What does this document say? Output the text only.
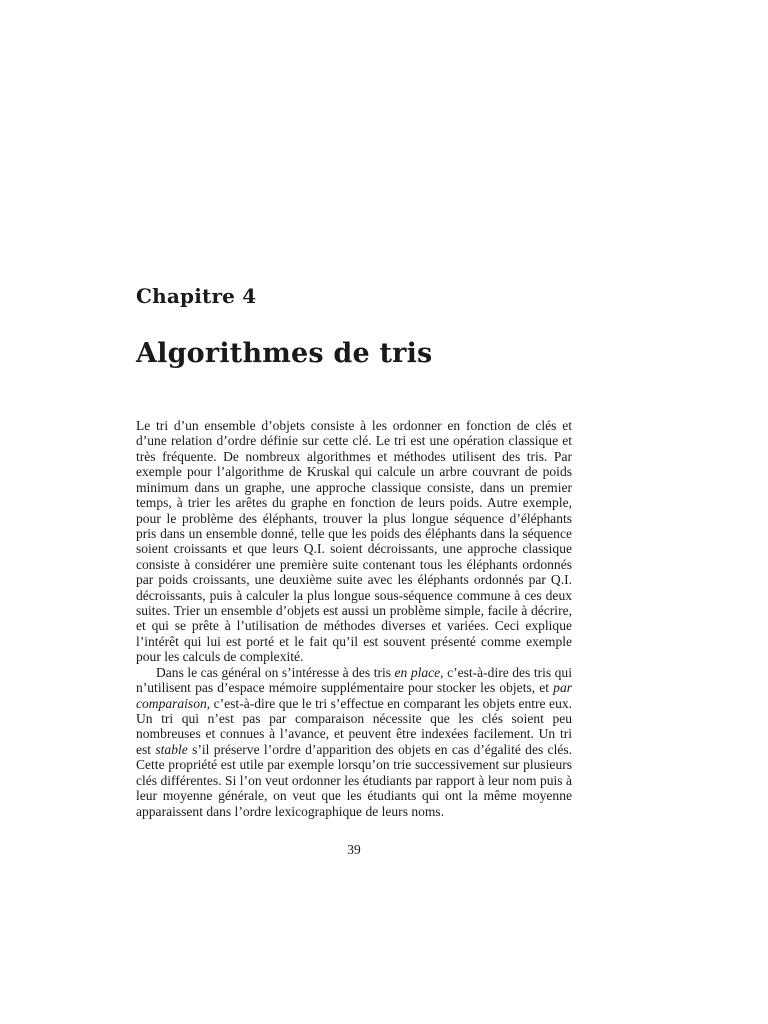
Chapitre 4
Algorithmes de tris

Le tri d’un ensemble d’objets consiste à les ordonner en fonction de clés et d’une relation d’ordre définie sur cette clé. Le tri est une opération classique et très fréquente. De nombreux algorithmes et méthodes utilisent des tris. Par exemple pour l’algorithme de Kruskal qui calcule un arbre couvrant de poids minimum dans un graphe, une approche classique consiste, dans un premier temps, à trier les arêtes du graphe en fonction de leurs poids. Autre exemple, pour le problème des éléphants, trouver la plus longue séquence d’éléphants pris dans un ensemble donné, telle que les poids des éléphants dans la séquence soient croissants et que leurs Q.I. soient décroissants, une approche classique consiste à considérer une première suite contenant tous les éléphants ordonnés par poids croissants, une deuxième suite avec les éléphants ordonnés par Q.I. décroissants, puis à calculer la plus longue sous-séquence commune à ces deux suites. Trier un ensemble d’objets est aussi un problème simple, facile à décrire, et qui se prête à l’utilisation de méthodes diverses et variées. Ceci explique l’intérêt qui lui est porté et le fait qu’il est souvent présenté comme exemple pour les calculs de complexité.

Dans le cas général on s’intéresse à des tris en place, c’est-à-dire des tris qui n’utilisent pas d’espace mémoire supplémentaire pour stocker les objets, et par comparaison, c’est-à-dire que le tri s’effectue en comparant les objets entre eux. Un tri qui n’est pas par comparaison nécessite que les clés soient peu nombreuses et connues à l’avance, et peuvent être indexées facilement. Un tri est stable s’il préserve l’ordre d’apparition des objets en cas d’égalité des clés. Cette propriété est utile par exemple lorsqu’on trie successivement sur plusieurs clés différentes. Si l’on veut ordonner les étudiants par rapport à leur nom puis à leur moyenne générale, on veut que les étudiants qui ont la même moyenne apparaissent dans l’ordre lexicographique de leurs noms.

39
